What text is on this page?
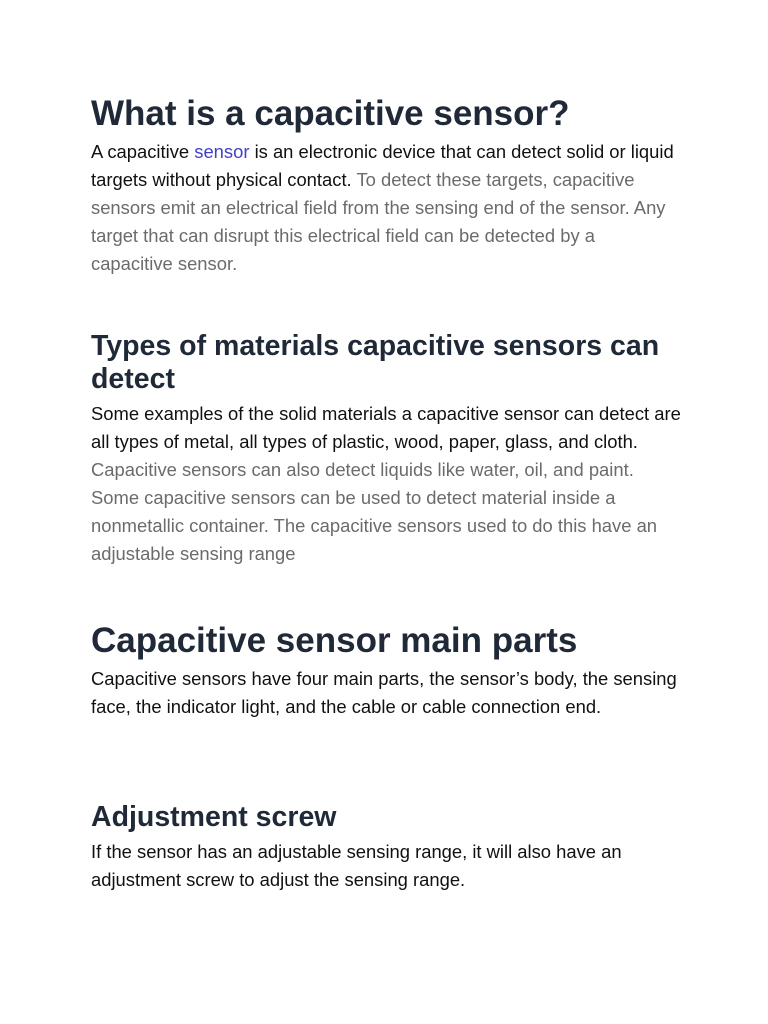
What is a capacitive sensor?

A capacitive sensor is an electronic device that can detect solid or liquid targets without physical contact. To detect these targets, capacitive sensors emit an electrical field from the sensing end of the sensor. Any target that can disrupt this electrical field can be detected by a capacitive sensor.

Types of materials capacitive sensors can detect

Some examples of the solid materials a capacitive sensor can detect are all types of metal, all types of plastic, wood, paper, glass, and cloth. Capacitive sensors can also detect liquids like water, oil, and paint. Some capacitive sensors can be used to detect material inside a nonmetallic container. The capacitive sensors used to do this have an adjustable sensing range

Capacitive sensor main parts

Capacitive sensors have four main parts, the sensor’s body, the sensing face, the indicator light, and the cable or cable connection end.

Adjustment screw

If the sensor has an adjustable sensing range, it will also have an adjustment screw to adjust the sensing range.
